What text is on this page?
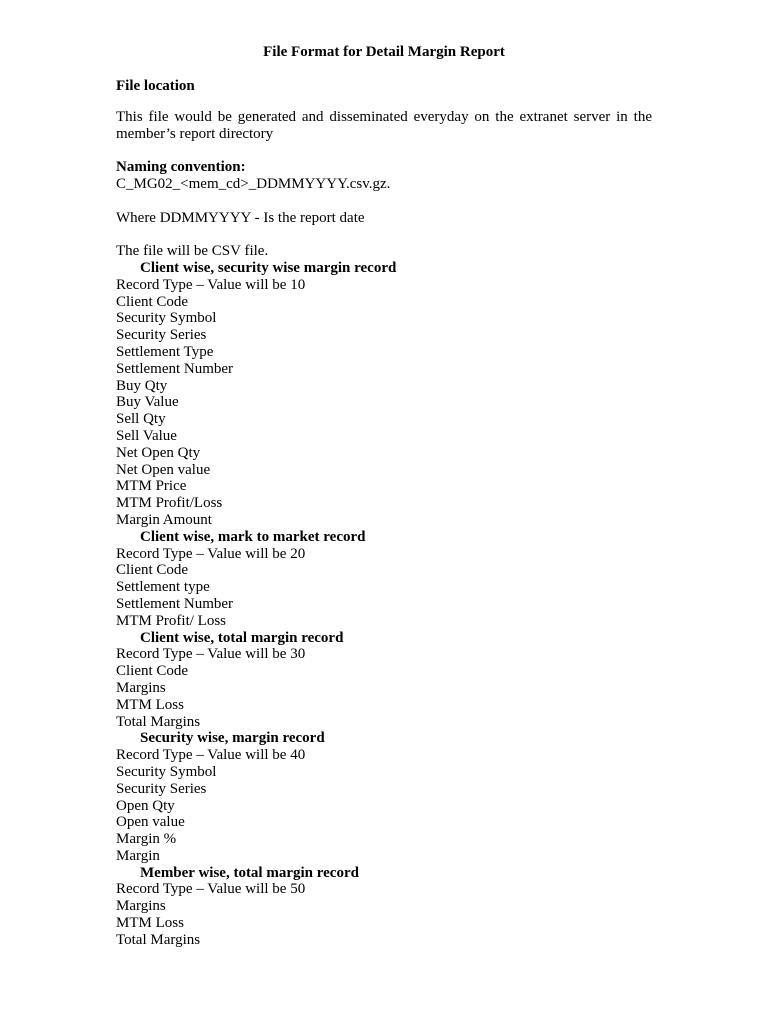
File Format for Detail Margin Report

File location

This file would be generated and disseminated everyday on the extranet server in the member’s report directory

Naming convention:

C_MG02_<mem_cd>_DDMMYYYY.csv.gz.

Where DDMMYYYY - Is the report date

The file will be CSV file.

Client wise, security wise margin record
Record Type – Value will be 10
Client Code
Security Symbol
Security Series
Settlement Type
Settlement Number
Buy Qty
Buy Value
Sell Qty
Sell Value
Net Open Qty
Net Open value
MTM Price
MTM Profit/Loss
Margin Amount
Client wise, mark to market record
Record Type – Value will be 20
Client Code
Settlement type
Settlement Number
MTM Profit/ Loss
Client wise, total margin record
Record Type – Value will be 30
Client Code
Margins
MTM Loss
Total Margins
Security wise, margin record
Record Type – Value will be 40
Security Symbol
Security Series
Open Qty
Open value
Margin %
Margin
Member wise, total margin record
Record Type – Value will be 50
Margins
MTM Loss
Total Margins
